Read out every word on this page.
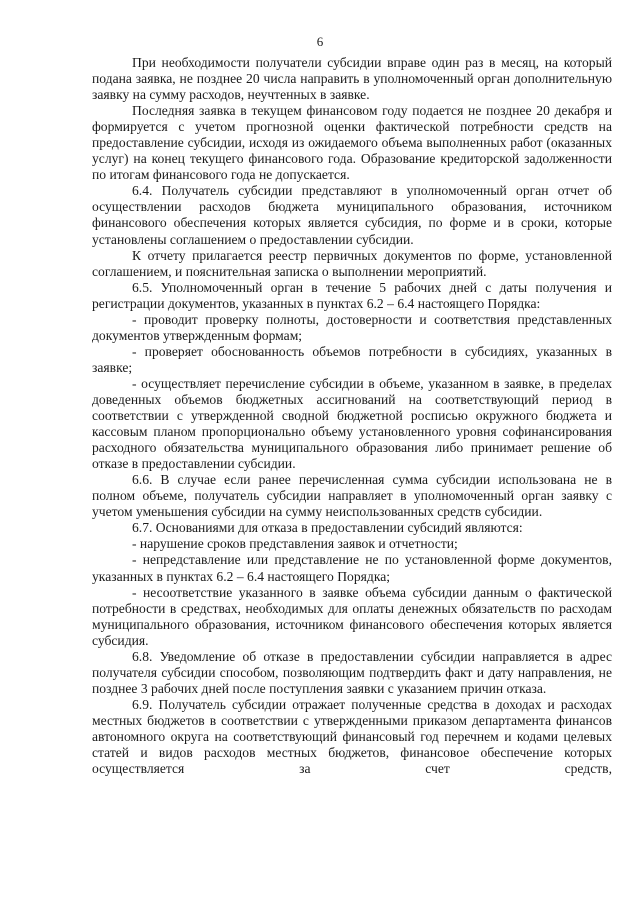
6

При необходимости получатели субсидии вправе один раз в месяц, на который подана заявка, не позднее 20 числа направить в уполномоченный орган дополнительную заявку на сумму расходов, неучтенных в заявке.

Последняя заявка в текущем финансовом году подается не позднее 20 декабря и формируется с учетом прогнозной оценки фактической потребности средств на предоставление субсидии, исходя из ожидаемого объема выполненных работ (оказанных услуг) на конец текущего финансового года. Образование кредиторской задолженности по итогам финансового года не допускается.

6.4. Получатель субсидии представляют в уполномоченный орган отчет об осуществлении расходов бюджета муниципального образования, источником финансового обеспечения которых является субсидия, по форме и в сроки, которые установлены соглашением о предоставлении субсидии.

К отчету прилагается реестр первичных документов по форме, установленной соглашением, и пояснительная записка о выполнении мероприятий.

6.5. Уполномоченный орган в течение 5 рабочих дней с даты получения и регистрации документов, указанных в пунктах 6.2 – 6.4 настоящего Порядка:

- проводит проверку полноты, достоверности и соответствия представленных документов утвержденным формам;

- проверяет обоснованность объемов потребности в субсидиях, указанных в заявке;

- осуществляет перечисление субсидии в объеме, указанном в заявке, в пределах доведенных объемов бюджетных ассигнований на соответствующий период в соответствии с утвержденной сводной бюджетной росписью окружного бюджета и кассовым планом пропорционально объему установленного уровня софинансирования расходного обязательства муниципального образования либо принимает решение об отказе в предоставлении субсидии.

6.6. В случае если ранее перечисленная сумма субсидии использована не в полном объеме, получатель субсидии направляет в уполномоченный орган заявку с учетом уменьшения субсидии на сумму неиспользованных средств субсидии.

6.7. Основаниями для отказа в предоставлении субсидий являются:

- нарушение сроков представления заявок и отчетности;

- непредставление или представление не по установленной форме документов, указанных в пунктах 6.2 – 6.4 настоящего Порядка;

- несоответствие указанного в заявке объема субсидии данным о фактической потребности в средствах, необходимых для оплаты денежных обязательств по расходам муниципального образования, источником финансового обеспечения которых является субсидия.

6.8. Уведомление об отказе в предоставлении субсидии направляется в адрес получателя субсидии способом, позволяющим подтвердить факт и дату направления, не позднее 3 рабочих дней после поступления заявки с указанием причин отказа.

6.9. Получатель субсидии отражает полученные средства в доходах и расходах местных бюджетов в соответствии с утвержденными приказом департамента финансов автономного округа на соответствующий финансовый год перечнем и кодами целевых статей и видов расходов местных бюджетов, финансовое обеспечение которых осуществляется за счет средств,
